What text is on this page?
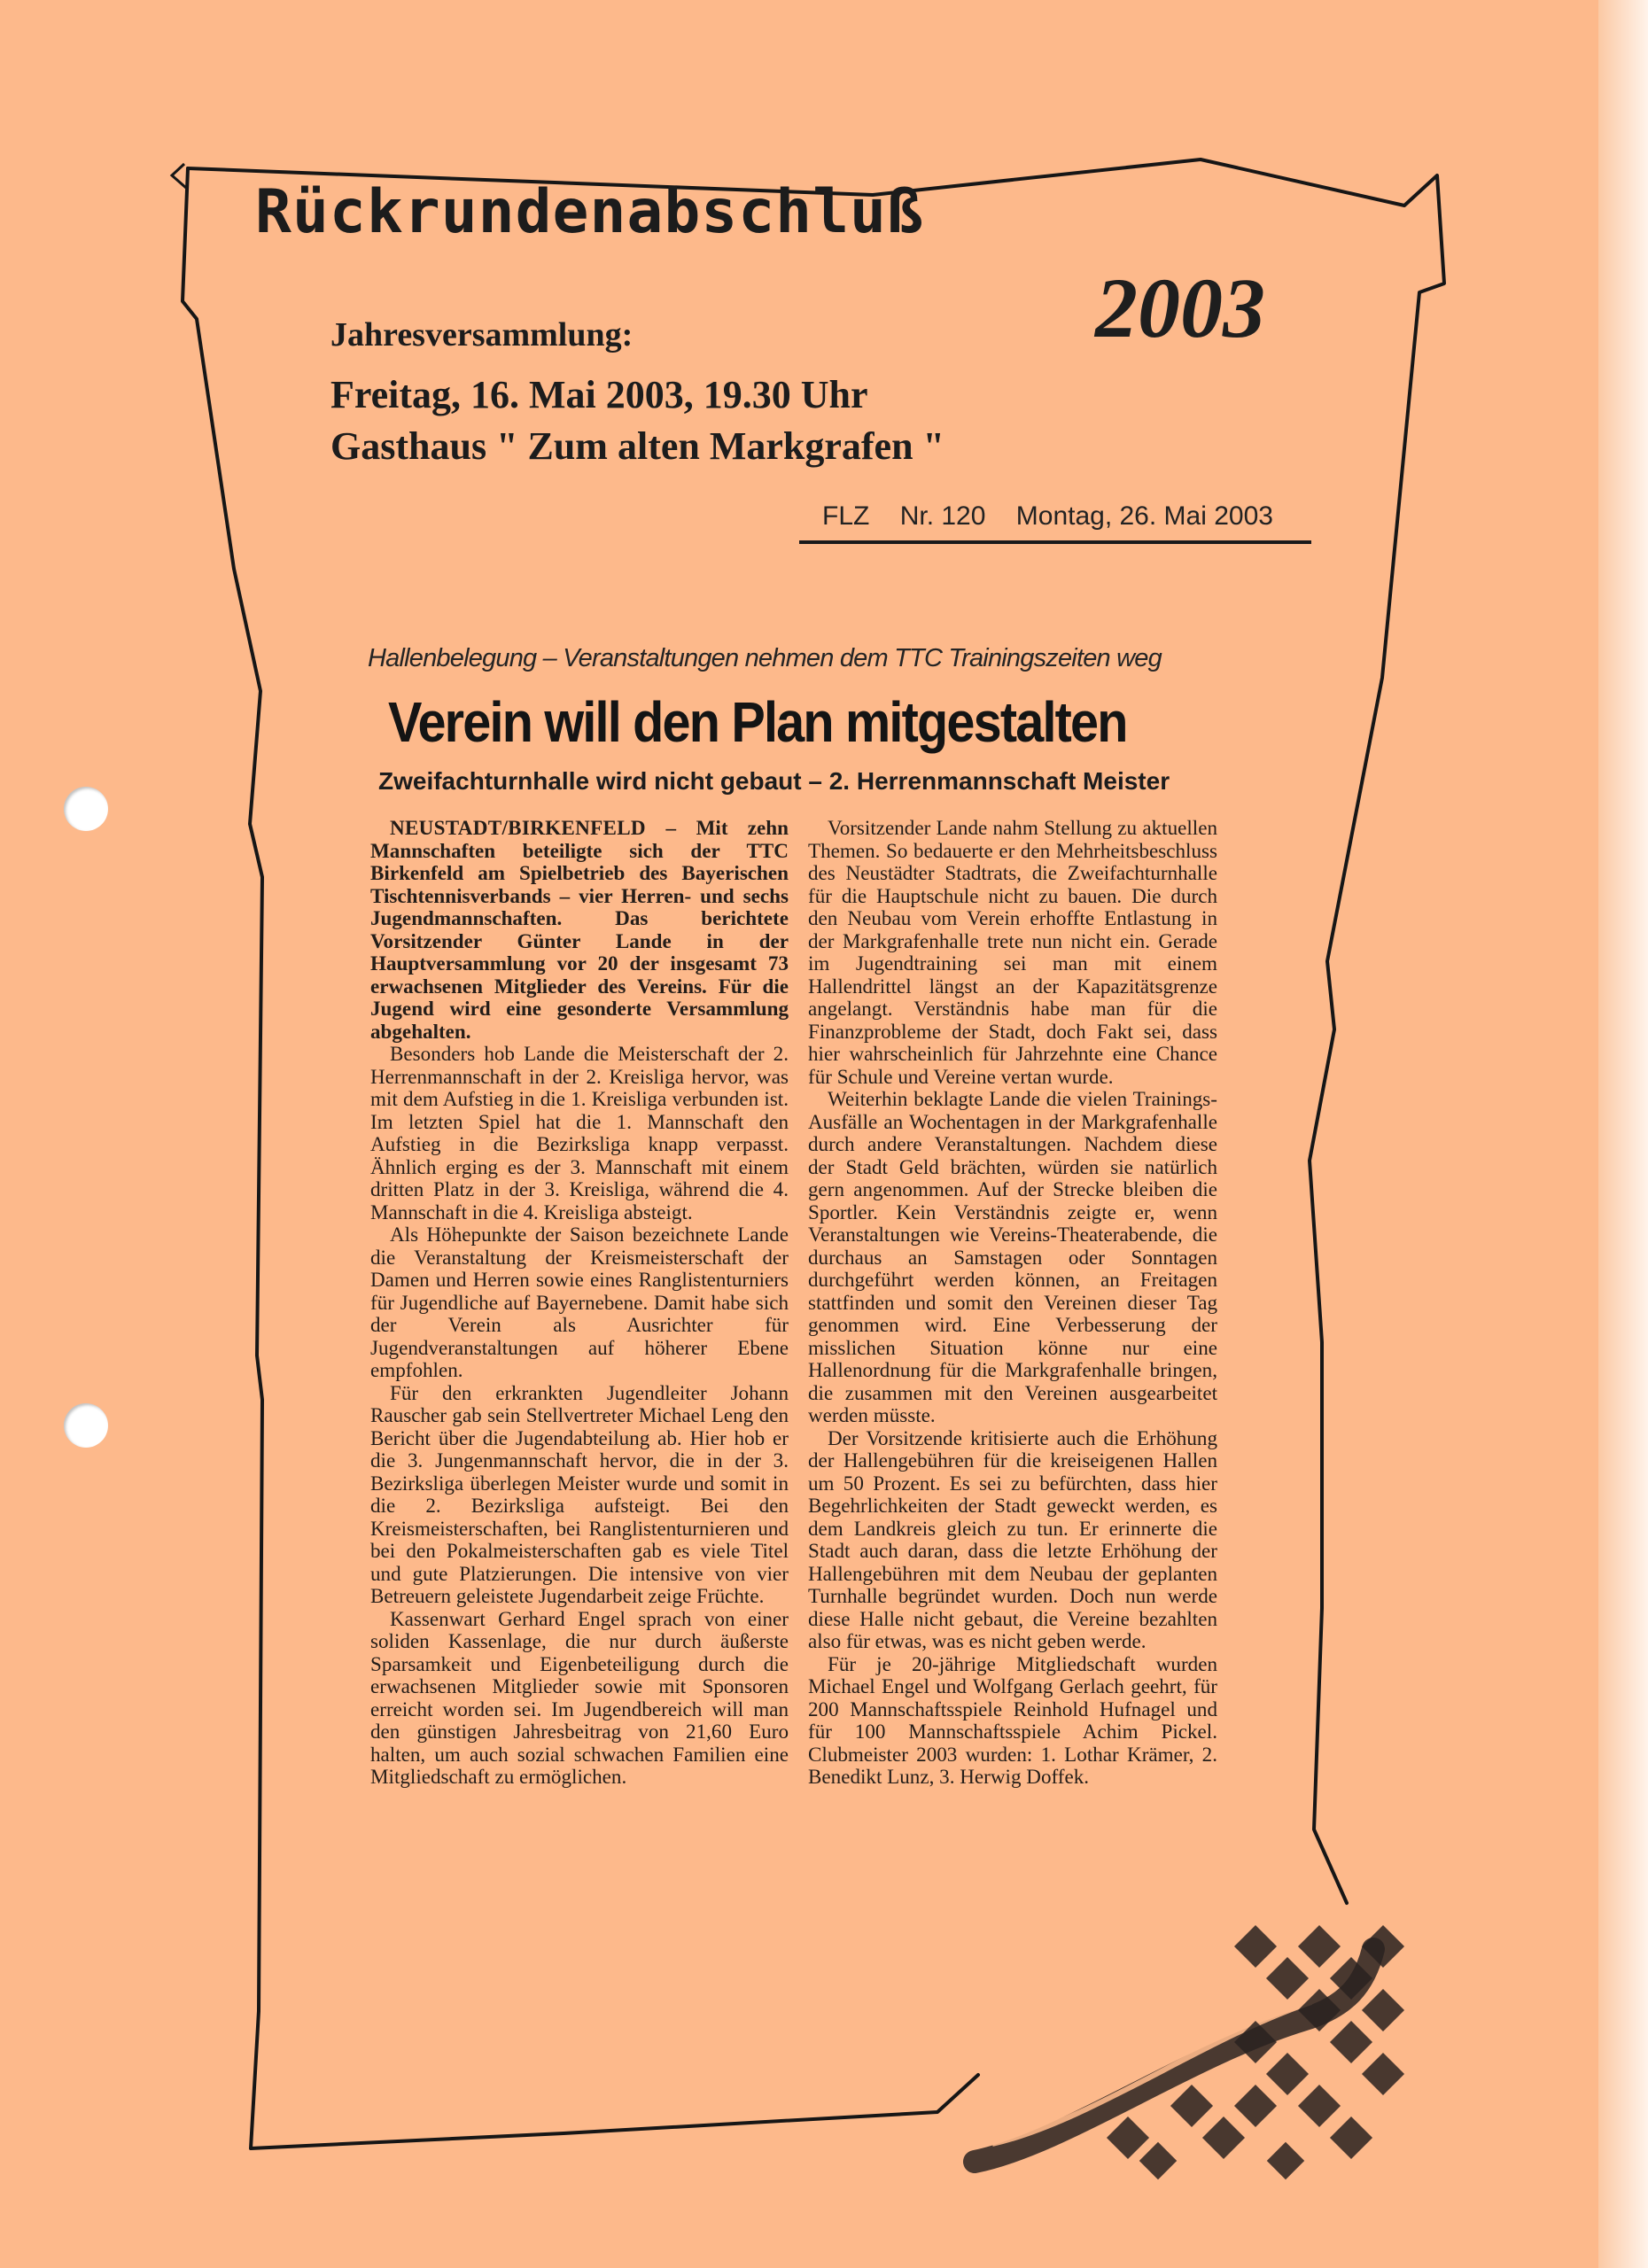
Rückrundenabschluß
2003
Jahresversammlung:
Freitag, 16. Mai 2003, 19.30 Uhr
Gasthaus " Zum alten Markgrafen "
FLZ Nr. 120 Montag, 26. Mai 2003
Hallenbelegung – Veranstaltungen nehmen dem TTC Trainingszeiten weg
Verein will den Plan mitgestalten
Zweifachturnhalle wird nicht gebaut – 2. Herrenmannschaft Meister

NEUSTADT/BIRKENFELD – Mit zehn Mannschaften beteiligte sich der TTC Birkenfeld am Spielbetrieb des Bayerischen Tischtennisverbands – vier Herren- und sechs Jugendmannschaften. Das berichtete Vorsitzender Günter Lande in der Hauptversammlung vor 20 der insgesamt 73 erwachsenen Mitglieder des Vereins. Für die Jugend wird eine gesonderte Versammlung abgehalten.

Besonders hob Lande die Meisterschaft der 2. Herrenmannschaft in der 2. Kreisliga hervor, was mit dem Aufstieg in die 1. Kreisliga verbunden ist. Im letzten Spiel hat die 1. Mannschaft den Aufstieg in die Bezirksliga knapp verpasst. Ähnlich erging es der 3. Mannschaft mit einem dritten Platz in der 3. Kreisliga, während die 4. Mannschaft in die 4. Kreisliga absteigt.

Als Höhepunkte der Saison bezeichnete Lande die Veranstaltung der Kreismeisterschaft der Damen und Herren sowie eines Ranglistenturniers für Jugendliche auf Bayernebene. Damit habe sich der Verein als Ausrichter für Jugendveranstaltungen auf höherer Ebene empfohlen.

Für den erkrankten Jugendleiter Johann Rauscher gab sein Stellvertreter Michael Leng den Bericht über die Jugendabteilung ab. Hier hob er die 3. Jungenmannschaft hervor, die in der 3. Bezirksliga überlegen Meister wurde und somit in die 2. Bezirksliga aufsteigt. Bei den Kreismeisterschaften, bei Ranglistenturnieren und bei den Pokalmeisterschaften gab es viele Titel und gute Platzierungen. Die intensive von vier Betreuern geleistete Jugendarbeit zeige Früchte.

Kassenwart Gerhard Engel sprach von einer soliden Kassenlage, die nur durch äußerste Sparsamkeit und Eigenbeteiligung durch die erwachsenen Mitglieder sowie mit Sponsoren erreicht worden sei. Im Jugendbereich will man den günstigen Jahresbeitrag von 21,60 Euro halten, um auch sozial schwachen Familien eine Mitgliedschaft zu ermöglichen.

Vorsitzender Lande nahm Stellung zu aktuellen Themen. So bedauerte er den Mehrheitsbeschluss des Neustädter Stadtrats, die Zweifachturnhalle für die Hauptschule nicht zu bauen. Die durch den Neubau vom Verein erhoffte Entlastung in der Markgrafenhalle trete nun nicht ein. Gerade im Jugendtraining sei man mit einem Hallendrittel längst an der Kapazitätsgrenze angelangt. Verständnis habe man für die Finanzprobleme der Stadt, doch Fakt sei, dass hier wahrscheinlich für Jahrzehnte eine Chance für Schule und Vereine vertan wurde.

Weiterhin beklagte Lande die vielen Trainings-Ausfälle an Wochentagen in der Markgrafenhalle durch andere Veranstaltungen. Nachdem diese der Stadt Geld brächten, würden sie natürlich gern angenommen. Auf der Strecke bleiben die Sportler. Kein Verständnis zeigte er, wenn Veranstaltungen wie Vereins-Theaterabende, die durchaus an Samstagen oder Sonntagen durchgeführt werden können, an Freitagen stattfinden und somit den Vereinen dieser Tag genommen wird. Eine Verbesserung der misslichen Situation könne nur eine Hallenordnung für die Markgrafenhalle bringen, die zusammen mit den Vereinen ausgearbeitet werden müsste.

Der Vorsitzende kritisierte auch die Erhöhung der Hallengebühren für die kreiseigenen Hallen um 50 Prozent. Es sei zu befürchten, dass hier Begehrlichkeiten der Stadt geweckt werden, es dem Landkreis gleich zu tun. Er erinnerte die Stadt auch daran, dass die letzte Erhöhung der Hallengebühren mit dem Neubau der geplanten Turnhalle begründet wurden. Doch nun werde diese Halle nicht gebaut, die Vereine bezahlten also für etwas, was es nicht geben werde.

Für je 20-jährige Mitgliedschaft wurden Michael Engel und Wolfgang Gerlach geehrt, für 200 Mannschaftsspiele Reinhold Hufnagel und für 100 Mannschaftsspiele Achim Pickel. Clubmeister 2003 wurden: 1. Lothar Krämer, 2. Benedikt Lunz, 3. Herwig Doffek.
